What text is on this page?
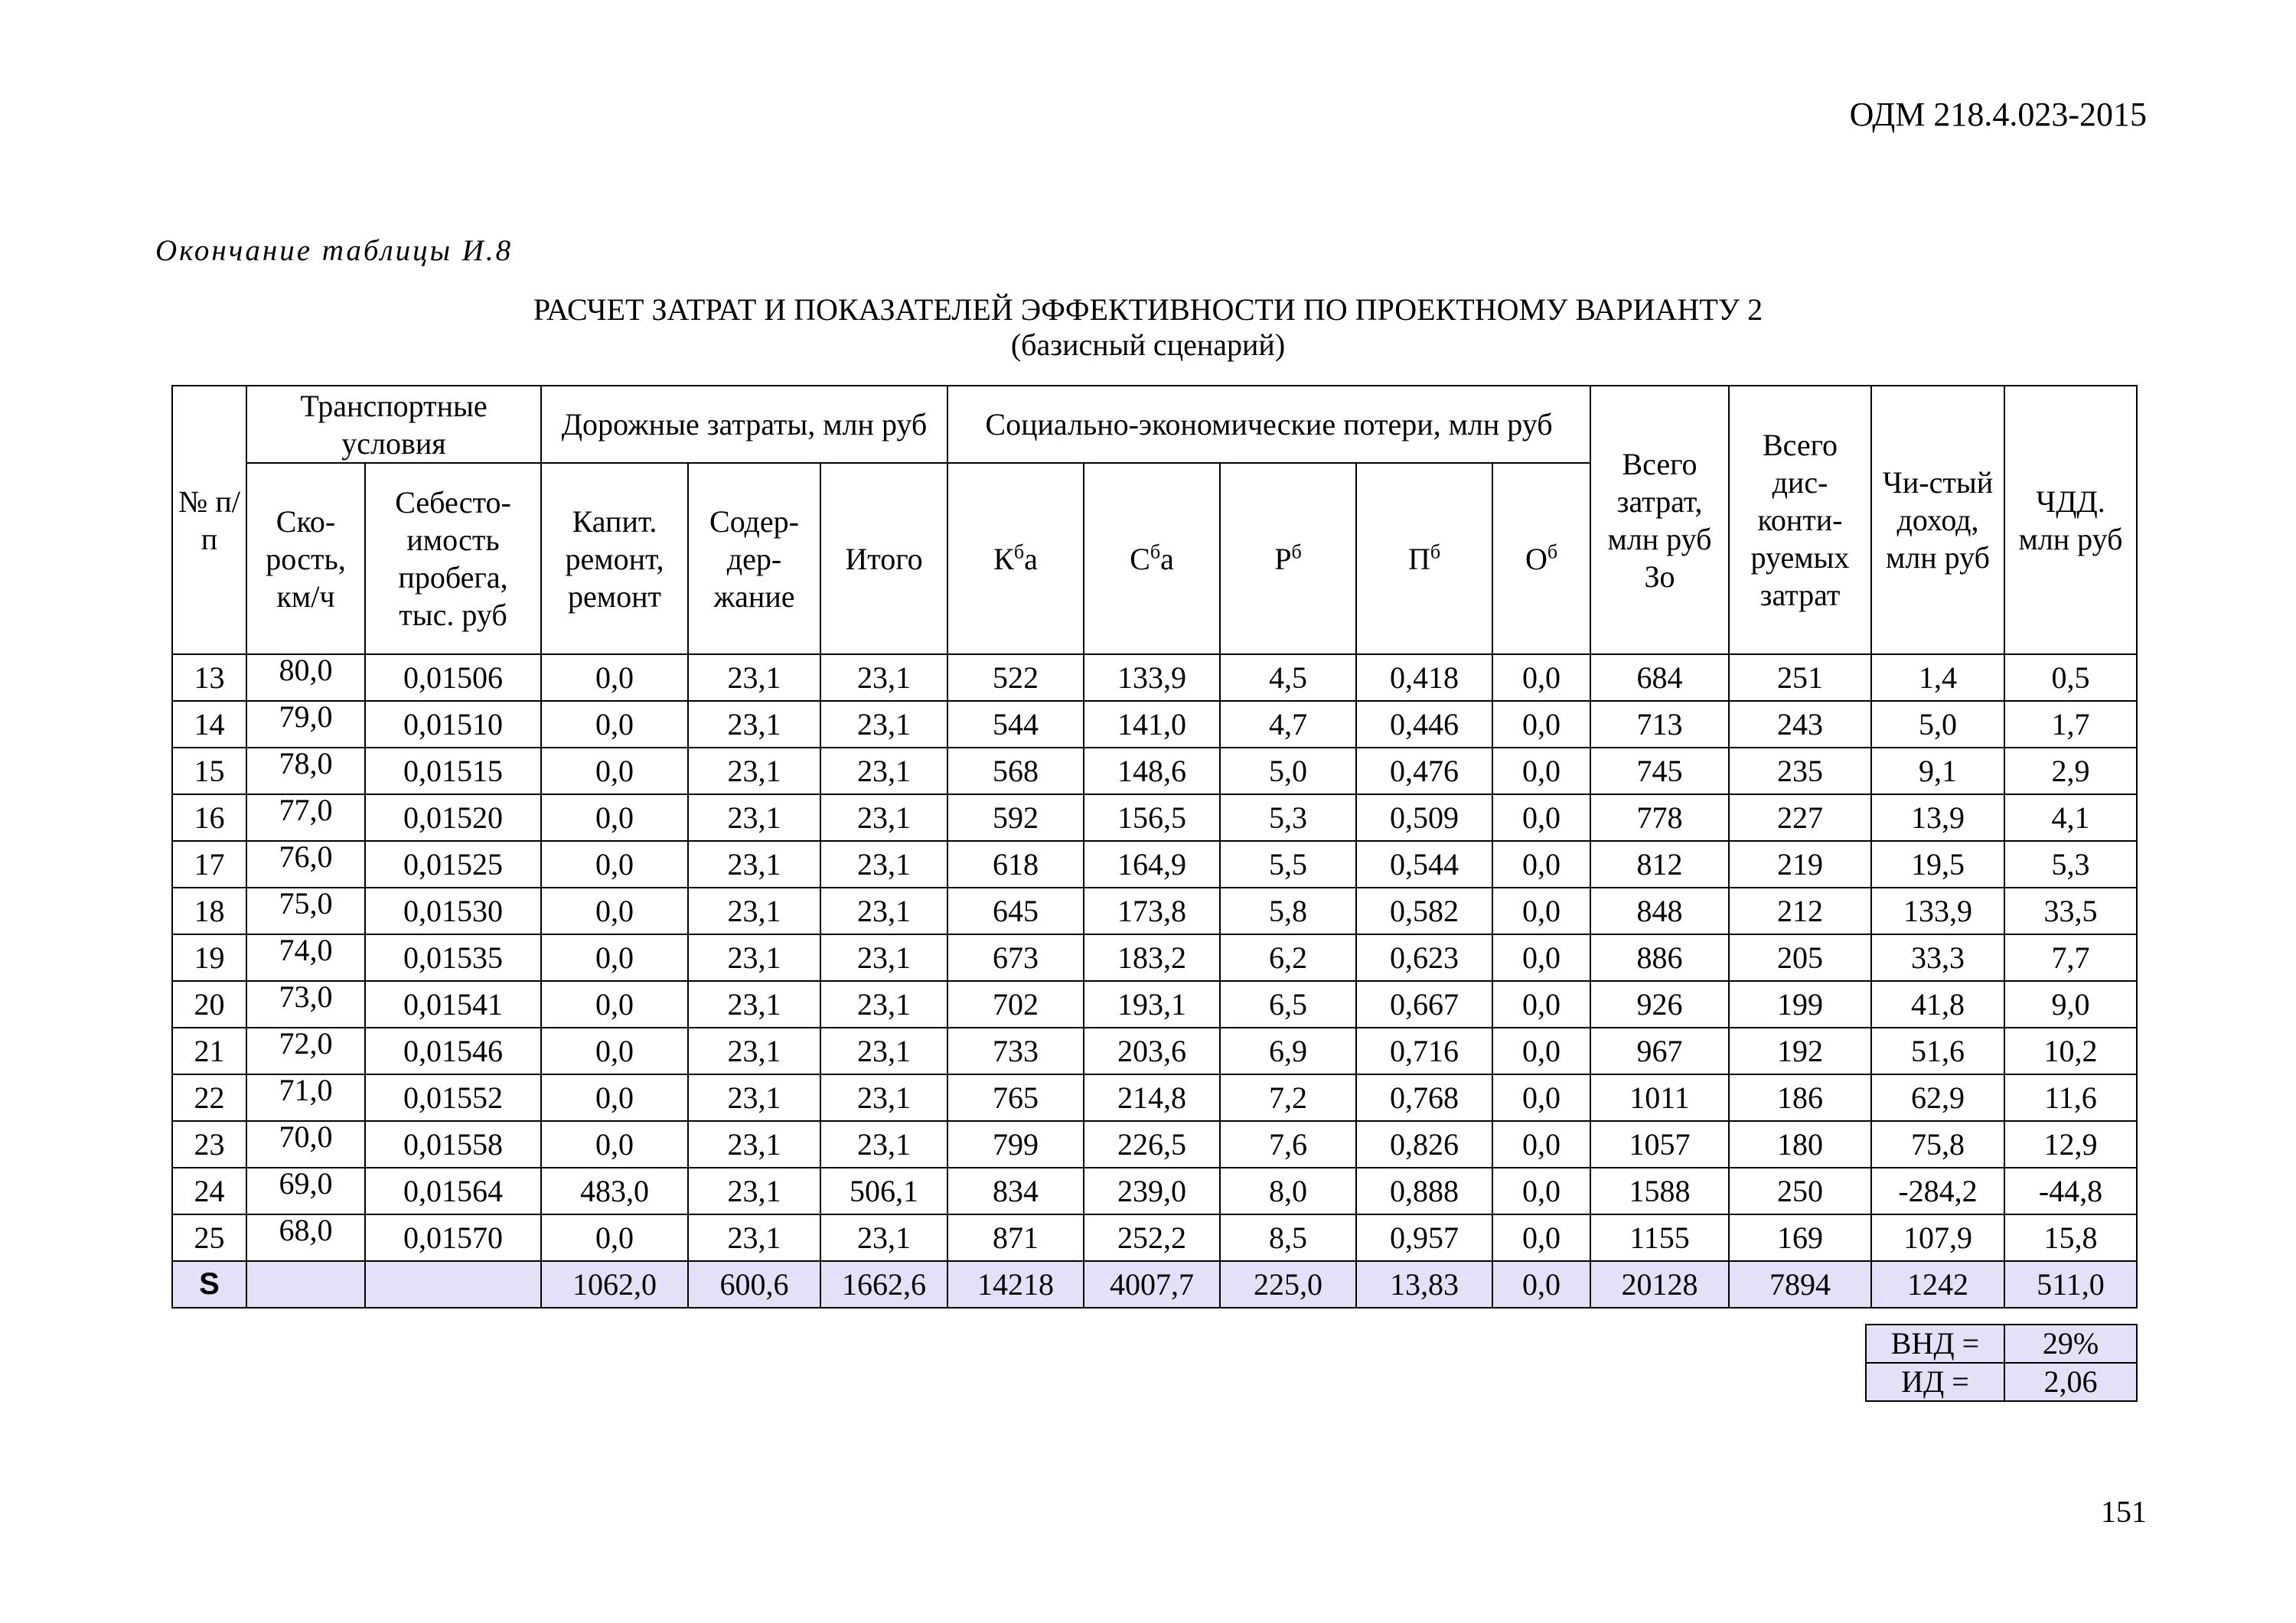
ОДМ 218.4.023-2015
Окончание таблицы И.8
РАСЧЕТ ЗАТРАТ И ПОКАЗАТЕЛЕЙ ЭФФЕКТИВНОСТИ ПО ПРОЕКТНОМУ ВАРИАНТУ 2
(базисный сценарий)
№ п/п	Транспортные условия		Дорожные затраты, млн руб			Социально-экономические потери, млн руб					Всего затрат, млн руб Зо	Всего дис-конти-руемых затрат	Чи-стый доход, млн руб	ЧДД. млн руб
	Ско-рость, км/ч	Себесто-имость пробега, тыс. руб	Капит. ремонт, ремонт	Содер-дер-жание	Итого	$К^ба$	$С^ба$	$Р^б$	$П^б$	$О^б$
13	80,0	0,01506	0,0	23,1	23,1	522	133,9	4,5	0,418	0,0	684	251	1,4	0,5
14	79,0	0,01510	0,0	23,1	23,1	544	141,0	4,7	0,446	0,0	713	243	5,0	1,7
15	78,0	0,01515	0,0	23,1	23,1	568	148,6	5,0	0,476	0,0	745	235	9,1	2,9
16	77,0	0,01520	0,0	23,1	23,1	592	156,5	5,3	0,509	0,0	778	227	13,9	4,1
17	76,0	0,01525	0,0	23,1	23,1	618	164,9	5,5	0,544	0,0	812	219	19,5	5,3
18	75,0	0,01530	0,0	23,1	23,1	645	173,8	5,8	0,582	0,0	848	212	133,9	33,5
19	74,0	0,01535	0,0	23,1	23,1	673	183,2	6,2	0,623	0,0	886	205	33,3	7,7
20	73,0	0,01541	0,0	23,1	23,1	702	193,1	6,5	0,667	0,0	926	199	41,8	9,0
21	72,0	0,01546	0,0	23,1	23,1	733	203,6	6,9	0,716	0,0	967	192	51,6	10,2
22	71,0	0,01552	0,0	23,1	23,1	765	214,8	7,2	0,768	0,0	1011	186	62,9	11,6
23	70,0	0,01558	0,0	23,1	23,1	799	226,5	7,6	0,826	0,0	1057	180	75,8	12,9
24	69,0	0,01564	483,0	23,1	506,1	834	239,0	8,0	0,888	0,0	1588	250	-284,2	-44,8
25	68,0	0,01570	0,0	23,1	23,1	871	252,2	8,5	0,957	0,0	1155	169	107,9	15,8
S			1062,0	600,6	1662,6	14218	4007,7	225,0	13,83	0,0	20128	7894	1242	511,0
ВНД =	29%
ИД =	2,06
151
